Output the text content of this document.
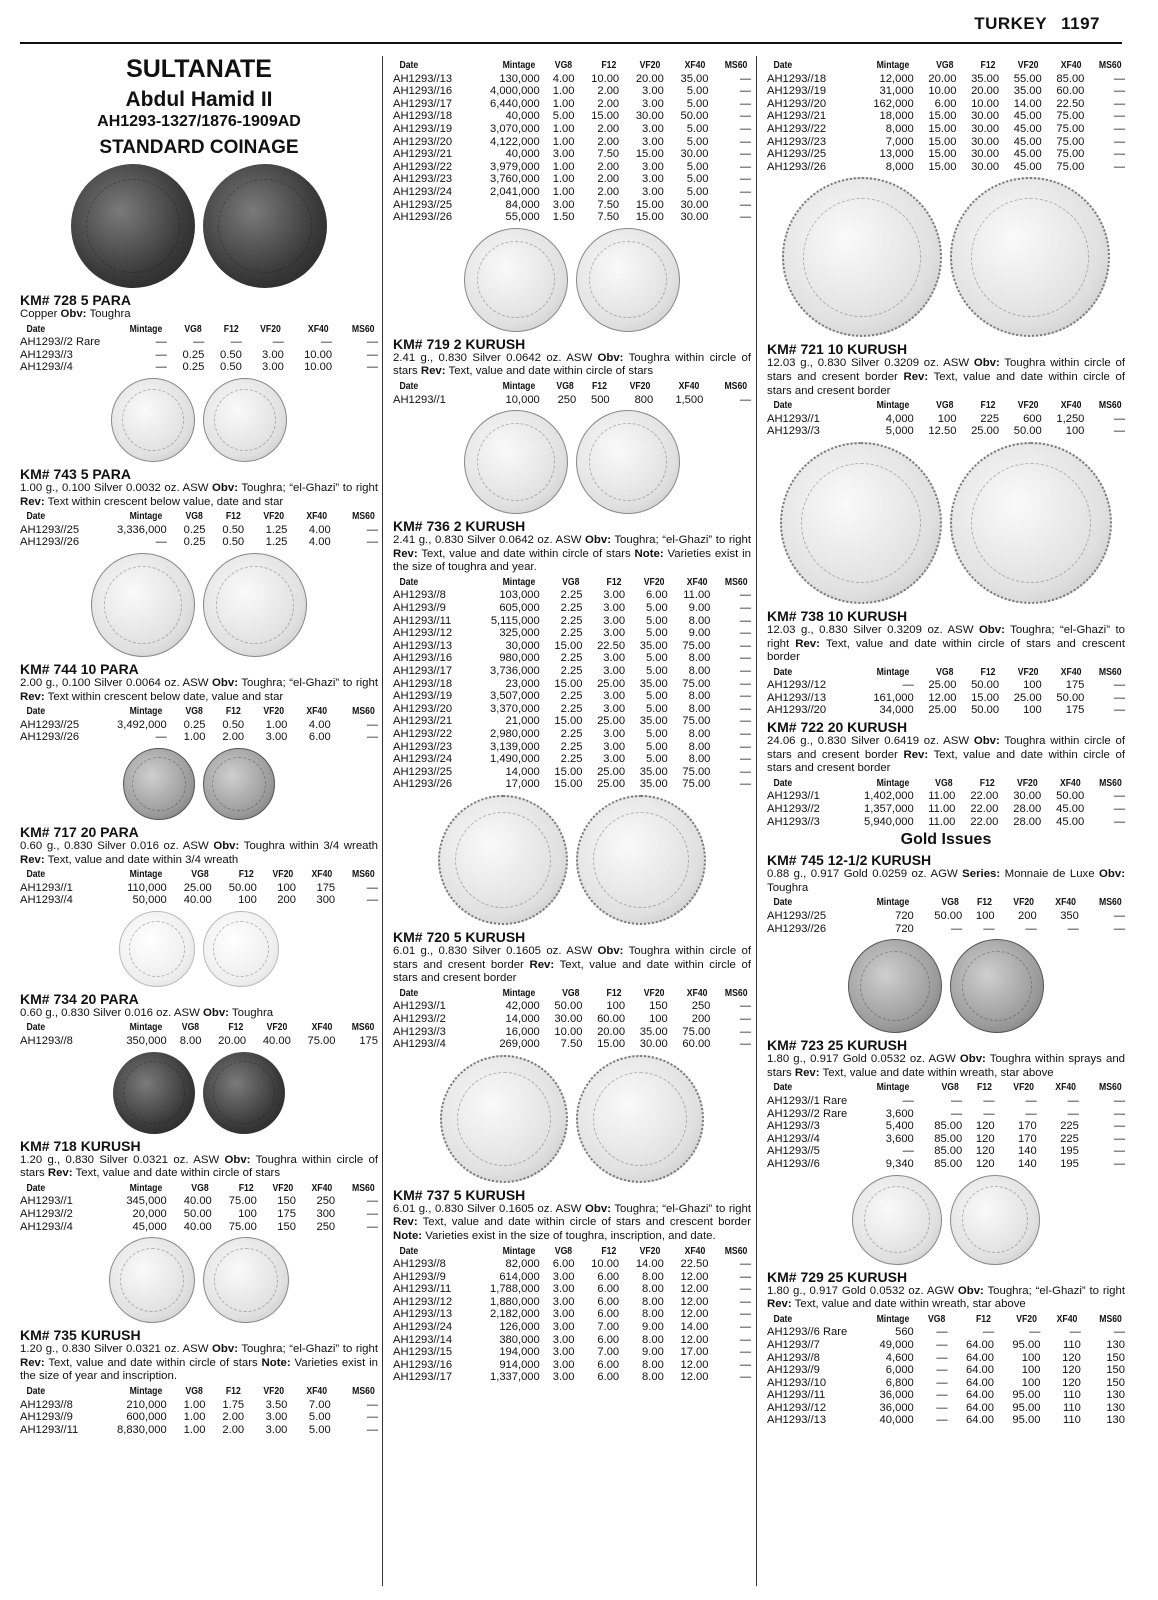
TURKEY 1197
SULTANATE
Abdul Hamid II
AH1293-1327/1876-1909AD
STANDARD COINAGE
KM# 728 5 PARA
Copper Obv: Toughra
Date	Mintage	VG8	F12	VF20	XF40	MS60
AH1293//2 Rare	—	—	—	—	—	—
AH1293//3	—	0.25	0.50	3.00	10.00	—
AH1293//4	—	0.25	0.50	3.00	10.00	—
KM# 743 5 PARA
1.00 g., 0.100 Silver 0.0032 oz. ASW Obv: Toughra; “el-Ghazi” to right Rev: Text within crescent below value, date and star
Date	Mintage	VG8	F12	VF20	XF40	MS60
AH1293//25	3,336,000	0.25	0.50	1.25	4.00	—
AH1293//26	—	0.25	0.50	1.25	4.00	—
KM# 744 10 PARA
2.00 g., 0.100 Silver 0.0064 oz. ASW Obv: Toughra; “el-Ghazi” to right Rev: Text within crescent below date, value and star
Date	Mintage	VG8	F12	VF20	XF40	MS60
AH1293//25	3,492,000	0.25	0.50	1.00	4.00	—
AH1293//26	—	1.00	2.00	3.00	6.00	—
KM# 717 20 PARA
0.60 g., 0.830 Silver 0.016 oz. ASW Obv: Toughra within 3/4 wreath Rev: Text, value and date within 3/4 wreath
Date	Mintage	VG8	F12	VF20	XF40	MS60
AH1293//1	110,000	25.00	50.00	100	175	—
AH1293//4	50,000	40.00	100	200	300	—
KM# 734 20 PARA
0.60 g., 0.830 Silver 0.016 oz. ASW Obv: Toughra
Date	Mintage	VG8	F12	VF20	XF40	MS60
AH1293//8	350,000	8.00	20.00	40.00	75.00	175
KM# 718 KURUSH
1.20 g., 0.830 Silver 0.0321 oz. ASW Obv: Toughra within circle of stars Rev: Text, value and date within circle of stars
Date	Mintage	VG8	F12	VF20	XF40	MS60
AH1293//1	345,000	40.00	75.00	150	250	—
AH1293//2	20,000	50.00	100	175	300	—
AH1293//4	45,000	40.00	75.00	150	250	—
KM# 735 KURUSH
1.20 g., 0.830 Silver 0.0321 oz. ASW Obv: Toughra; “el-Ghazi” to right Rev: Text, value and date within circle of stars Note: Varieties exist in the size of year and inscription.
Date	Mintage	VG8	F12	VF20	XF40	MS60
AH1293//8	210,000	1.00	1.75	3.50	7.00	—
AH1293//9	600,000	1.00	2.00	3.00	5.00	—
AH1293//11	8,830,000	1.00	2.00	3.00	5.00	—
Date	Mintage	VG8	F12	VF20	XF40	MS60
AH1293//13	130,000	4.00	10.00	20.00	35.00	—
AH1293//16	4,000,000	1.00	2.00	3.00	5.00	—
AH1293//17	6,440,000	1.00	2.00	3.00	5.00	—
AH1293//18	40,000	5.00	15.00	30.00	50.00	—
AH1293//19	3,070,000	1.00	2.00	3.00	5.00	—
AH1293//20	4,122,000	1.00	2.00	3.00	5.00	—
AH1293//21	40,000	3.00	7.50	15.00	30.00	—
AH1293//22	3,979,000	1.00	2.00	3.00	5.00	—
AH1293//23	3,760,000	1.00	2.00	3.00	5.00	—
AH1293//24	2,041,000	1.00	2.00	3.00	5.00	—
AH1293//25	84,000	3.00	7.50	15.00	30.00	—
AH1293//26	55,000	1.50	7.50	15.00	30.00	—
KM# 719 2 KURUSH
2.41 g., 0.830 Silver 0.0642 oz. ASW Obv: Toughra within circle of stars Rev: Text, value and date within circle of stars
Date	Mintage	VG8	F12	VF20	XF40	MS60
AH1293//1	10,000	250	500	800	1,500	—
KM# 736 2 KURUSH
2.41 g., 0.830 Silver 0.0642 oz. ASW Obv: Toughra; “el-Ghazi” to right Rev: Text, value and date within circle of stars Note: Varieties exist in the size of toughra and year.
Date	Mintage	VG8	F12	VF20	XF40	MS60
AH1293//8	103,000	2.25	3.00	6.00	11.00	—
AH1293//9	605,000	2.25	3.00	5.00	9.00	—
AH1293//11	5,115,000	2.25	3.00	5.00	8.00	—
AH1293//12	325,000	2.25	3.00	5.00	9.00	—
AH1293//13	30,000	15.00	22.50	35.00	75.00	—
AH1293//16	980,000	2.25	3.00	5.00	8.00	—
AH1293//17	3,736,000	2.25	3.00	5.00	8.00	—
AH1293//18	23,000	15.00	25.00	35.00	75.00	—
AH1293//19	3,507,000	2.25	3.00	5.00	8.00	—
AH1293//20	3,370,000	2.25	3.00	5.00	8.00	—
AH1293//21	21,000	15.00	25.00	35.00	75.00	—
AH1293//22	2,980,000	2.25	3.00	5.00	8.00	—
AH1293//23	3,139,000	2.25	3.00	5.00	8.00	—
AH1293//24	1,490,000	2.25	3.00	5.00	8.00	—
AH1293//25	14,000	15.00	25.00	35.00	75.00	—
AH1293//26	17,000	15.00	25.00	35.00	75.00	—
KM# 720 5 KURUSH
6.01 g., 0.830 Silver 0.1605 oz. ASW Obv: Toughra within circle of stars and cresent border Rev: Text, value and date within circle of stars and cresent border
Date	Mintage	VG8	F12	VF20	XF40	MS60
AH1293//1	42,000	50.00	100	150	250	—
AH1293//2	14,000	30.00	60.00	100	200	—
AH1293//3	16,000	10.00	20.00	35.00	75.00	—
AH1293//4	269,000	7.50	15.00	30.00	60.00	—
KM# 737 5 KURUSH
6.01 g., 0.830 Silver 0.1605 oz. ASW Obv: Toughra; “el-Ghazi” to right Rev: Text, value and date within circle of stars and crescent border Note: Varieties exist in the size of toughra, inscription, and date.
Date	Mintage	VG8	F12	VF20	XF40	MS60
AH1293//8	82,000	6.00	10.00	14.00	22.50	—
AH1293//9	614,000	3.00	6.00	8.00	12.00	—
AH1293//11	1,788,000	3.00	6.00	8.00	12.00	—
AH1293//12	1,880,000	3.00	6.00	8.00	12.00	—
AH1293//13	2,182,000	3.00	6.00	8.00	12.00	—
AH1293//24	126,000	3.00	7.00	9.00	14.00	—
AH1293//14	380,000	3.00	6.00	8.00	12.00	—
AH1293//15	194,000	3.00	7.00	9.00	17.00	—
AH1293//16	914,000	3.00	6.00	8.00	12.00	—
AH1293//17	1,337,000	3.00	6.00	8.00	12.00	—
Date	Mintage	VG8	F12	VF20	XF40	MS60
AH1293//18	12,000	20.00	35.00	55.00	85.00	—
AH1293//19	31,000	10.00	20.00	35.00	60.00	—
AH1293//20	162,000	6.00	10.00	14.00	22.50	—
AH1293//21	18,000	15.00	30.00	45.00	75.00	—
AH1293//22	8,000	15.00	30.00	45.00	75.00	—
AH1293//23	7,000	15.00	30.00	45.00	75.00	—
AH1293//25	13,000	15.00	30.00	45.00	75.00	—
AH1293//26	8,000	15.00	30.00	45.00	75.00	—
KM# 721 10 KURUSH
12.03 g., 0.830 Silver 0.3209 oz. ASW Obv: Toughra within circle of stars and cresent border Rev: Text, value and date within circle of stars and cresent border
Date	Mintage	VG8	F12	VF20	XF40	MS60
AH1293//1	4,000	100	225	600	1,250	—
AH1293//3	5,000	12.50	25.00	50.00	100	—
KM# 738 10 KURUSH
12.03 g., 0.830 Silver 0.3209 oz. ASW Obv: Toughra; “el-Ghazi” to right Rev: Text, value and date within circle of stars and crescent border
Date	Mintage	VG8	F12	VF20	XF40	MS60
AH1293//12	—	25.00	50.00	100	175	—
AH1293//13	161,000	12.00	15.00	25.00	50.00	—
AH1293//20	34,000	25.00	50.00	100	175	—
KM# 722 20 KURUSH
24.06 g., 0.830 Silver 0.6419 oz. ASW Obv: Toughra within circle of stars and cresent border Rev: Text, value and date within circle of stars and cresent border
Date	Mintage	VG8	F12	VF20	XF40	MS60
AH1293//1	1,402,000	11.00	22.00	30.00	50.00	—
AH1293//2	1,357,000	11.00	22.00	28.00	45.00	—
AH1293//3	5,940,000	11.00	22.00	28.00	45.00	—
Gold Issues
KM# 745 12-1/2 KURUSH
0.88 g., 0.917 Gold 0.0259 oz. AGW Series: Monnaie de Luxe Obv: Toughra
Date	Mintage	VG8	F12	VF20	XF40	MS60
AH1293//25	720	50.00	100	200	350	—
AH1293//26	720	—	—	—	—	—
KM# 723 25 KURUSH
1.80 g., 0.917 Gold 0.0532 oz. AGW Obv: Toughra within sprays and stars Rev: Text, value and date within wreath, star above
Date	Mintage	VG8	F12	VF20	XF40	MS60
AH1293//1 Rare	—	—	—	—	—	—
AH1293//2 Rare	3,600	—	—	—	—	—
AH1293//3	5,400	85.00	120	170	225	—
AH1293//4	3,600	85.00	120	170	225	—
AH1293//5	—	85.00	120	140	195	—
AH1293//6	9,340	85.00	120	140	195	—
KM# 729 25 KURUSH
1.80 g., 0.917 Gold 0.0532 oz. AGW Obv: Toughra; “el-Ghazi” to right Rev: Text, value and date within wreath, star above
Date	Mintage	VG8	F12	VF20	XF40	MS60
AH1293//6 Rare	560	—	—	—	—	—
AH1293//7	49,000	—	64.00	95.00	110	130
AH1293//8	4,600	—	64.00	100	120	150
AH1293//9	6,000	—	64.00	100	120	150
AH1293//10	6,800	—	64.00	100	120	150
AH1293//11	36,000	—	64.00	95.00	110	130
AH1293//12	36,000	—	64.00	95.00	110	130
AH1293//13	40,000	—	64.00	95.00	110	130
